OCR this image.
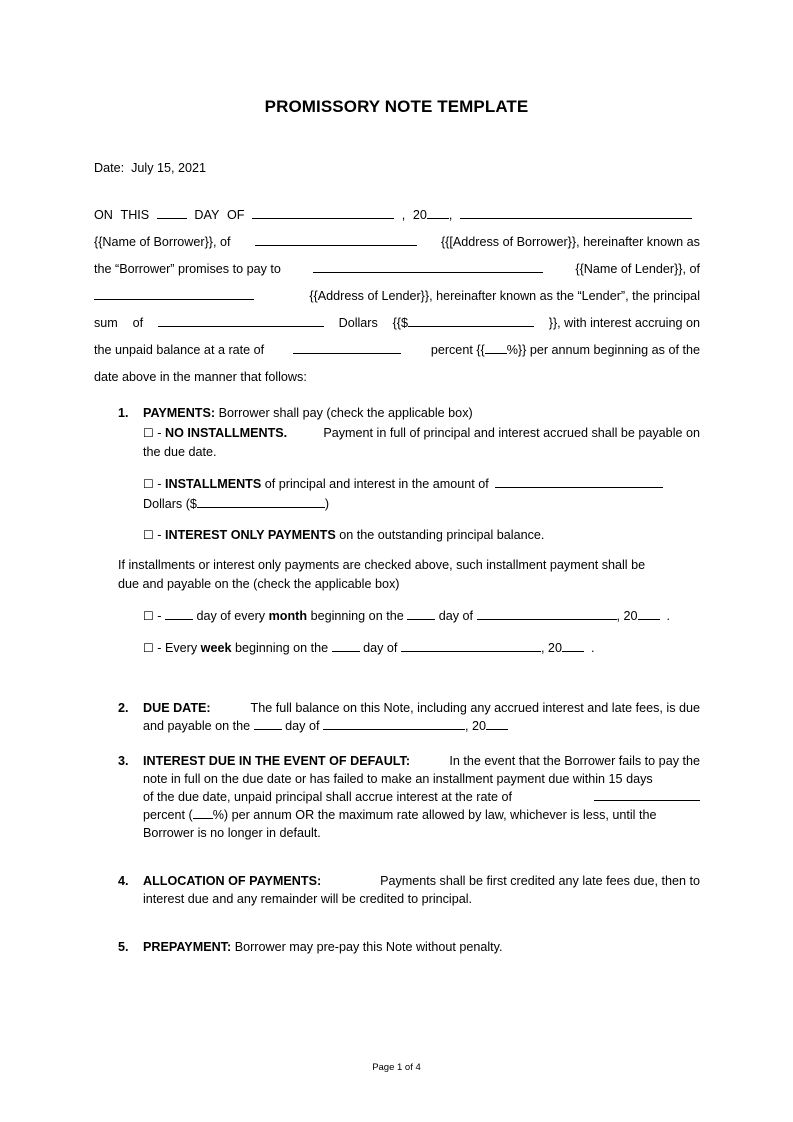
PROMISSORY NOTE TEMPLATE
Date: July 15, 2021
ON THIS	DAY OF	, 20 ,
{{Name of Borrower}}, of	{{[Address of Borrower}}, hereinafter known as
the “Borrower” promises to pay to	{{Name of Lender}}, of
{{Address of Lender}}, hereinafter known as the “Lender”, the principal
sum of	Dollars {{$	}}, with interest accruing on
the unpaid balance at a rate of	percent {{ %}} per annum beginning as of the
date above in the manner that follows:
1. PAYMENTS: Borrower shall pay (check the applicable box)
☐ - NO INSTALLMENTS.	Payment in full of principal and interest accrued shall be payable on
the due date.
☐ - INSTALLMENTS of principal and interest in the amount of
Dollars ($	)
☐ - INTEREST ONLY PAYMENTS on the outstanding principal balance.
If installments or interest only payments are checked above, such installment payment shall be
due and payable on the (check the applicable box)
☐ -	day of every month beginning on the	day of	, 20 .
☐ - Every week beginning on the	day of	, 20 .
2. DUE DATE:	The full balance on this Note, including any accrued interest and late fees, is due
and payable on the	day of	, 20
3. INTEREST DUE IN THE EVENT OF DEFAULT:	In the event that the Borrower fails to pay the
note in full on the due date or has failed to make an installment payment due within 15 days
of the due date, unpaid principal shall accrue interest at the rate of
percent ( %) per annum OR the maximum rate allowed by law, whichever is less, until the
Borrower is no longer in default.
4. ALLOCATION OF PAYMENTS:	Payments shall be first credited any late fees due, then to
interest due and any remainder will be credited to principal.
5. PREPAYMENT: Borrower may pre-pay this Note without penalty.
Page 1 of 4
